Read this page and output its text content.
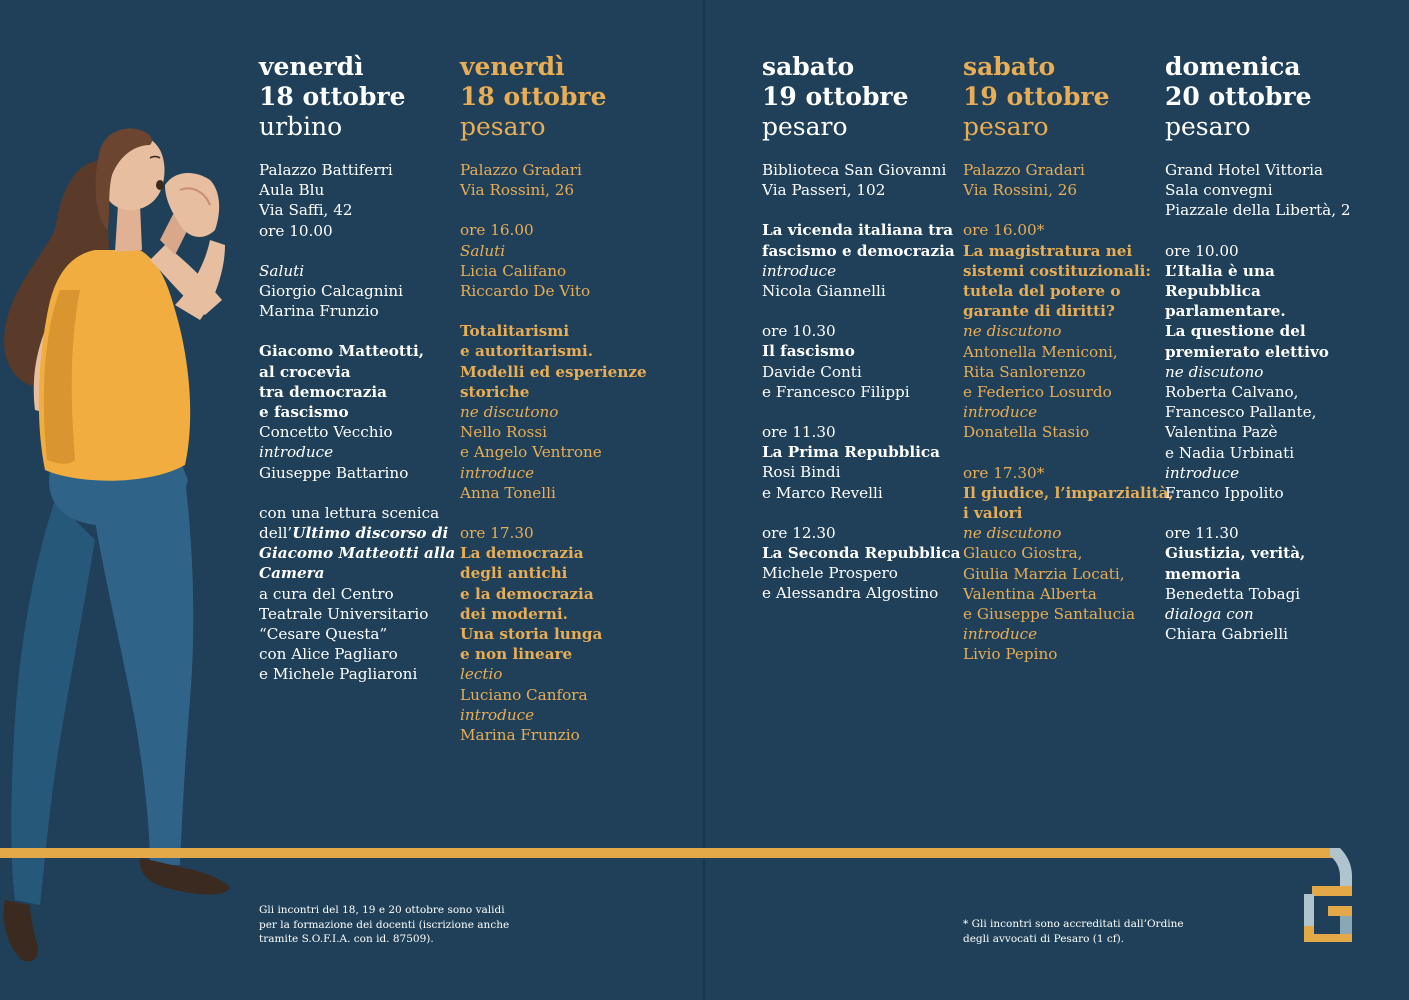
venerdì
18 ottobre
urbino
Palazzo Battiferri
Aula Blu
Via Saffi, 42
ore 10.00
Saluti
Giorgio Calcagnini
Marina Frunzio
Giacomo Matteotti,
al crocevia
tra democrazia
e fascismo
Concetto Vecchio
introduce
Giuseppe Battarino
con una lettura scenica
dell’Ultimo discorso di
Giacomo Matteotti alla
Camera
a cura del Centro
Teatrale Universitario
“Cesare Questa”
con Alice Pagliaro
e Michele Pagliaroni
venerdì
18 ottobre
pesaro
Palazzo Gradari
Via Rossini, 26
ore 16.00
Saluti
Licia Califano
Riccardo De Vito
Totalitarismi
e autoritarismi.
Modelli ed esperienze
storiche
ne discutono
Nello Rossi
e Angelo Ventrone
introduce
Anna Tonelli
ore 17.30
La democrazia
degli antichi
e la democrazia
dei moderni.
Una storia lunga
e non lineare
lectio
Luciano Canfora
introduce
Marina Frunzio
sabato
19 ottobre
pesaro
Biblioteca San Giovanni
Via Passeri, 102
La vicenda italiana tra
fascismo e democrazia
introduce
Nicola Giannelli
ore 10.30
Il fascismo
Davide Conti
e Francesco Filippi
ore 11.30
La Prima Repubblica
Rosi Bindi
e Marco Revelli
ore 12.30
La Seconda Repubblica
Michele Prospero
e Alessandra Algostino
sabato
19 ottobre
pesaro
Palazzo Gradari
Via Rossini, 26
ore 16.00*
La magistratura nei
sistemi costituzionali:
tutela del potere o
garante di diritti?
ne discutono
Antonella Meniconi,
Rita Sanlorenzo
e Federico Losurdo
introduce
Donatella Stasio
ore 17.30*
Il giudice, l’imparzialità,
i valori
ne discutono
Glauco Giostra,
Giulia Marzia Locati,
Valentina Alberta
e Giuseppe Santalucia
introduce
Livio Pepino
domenica
20 ottobre
pesaro
Grand Hotel Vittoria
Sala convegni
Piazzale della Libertà, 2
ore 10.00
L’Italia è una
Repubblica
parlamentare.
La questione del
premierato elettivo
ne discutono
Roberta Calvano,
Francesco Pallante,
Valentina Pazè
e Nadia Urbinati
introduce
Franco Ippolito
ore 11.30
Giustizia, verità,
memoria
Benedetta Tobagi
dialoga con
Chiara Gabrielli
Gli incontri del 18, 19 e 20 ottobre sono validi
per la formazione dei docenti (iscrizione anche
tramite S.O.F.I.A. con id. 87509).
* Gli incontri sono accreditati dall’Ordine
degli avvocati di Pesaro (1 cf).
